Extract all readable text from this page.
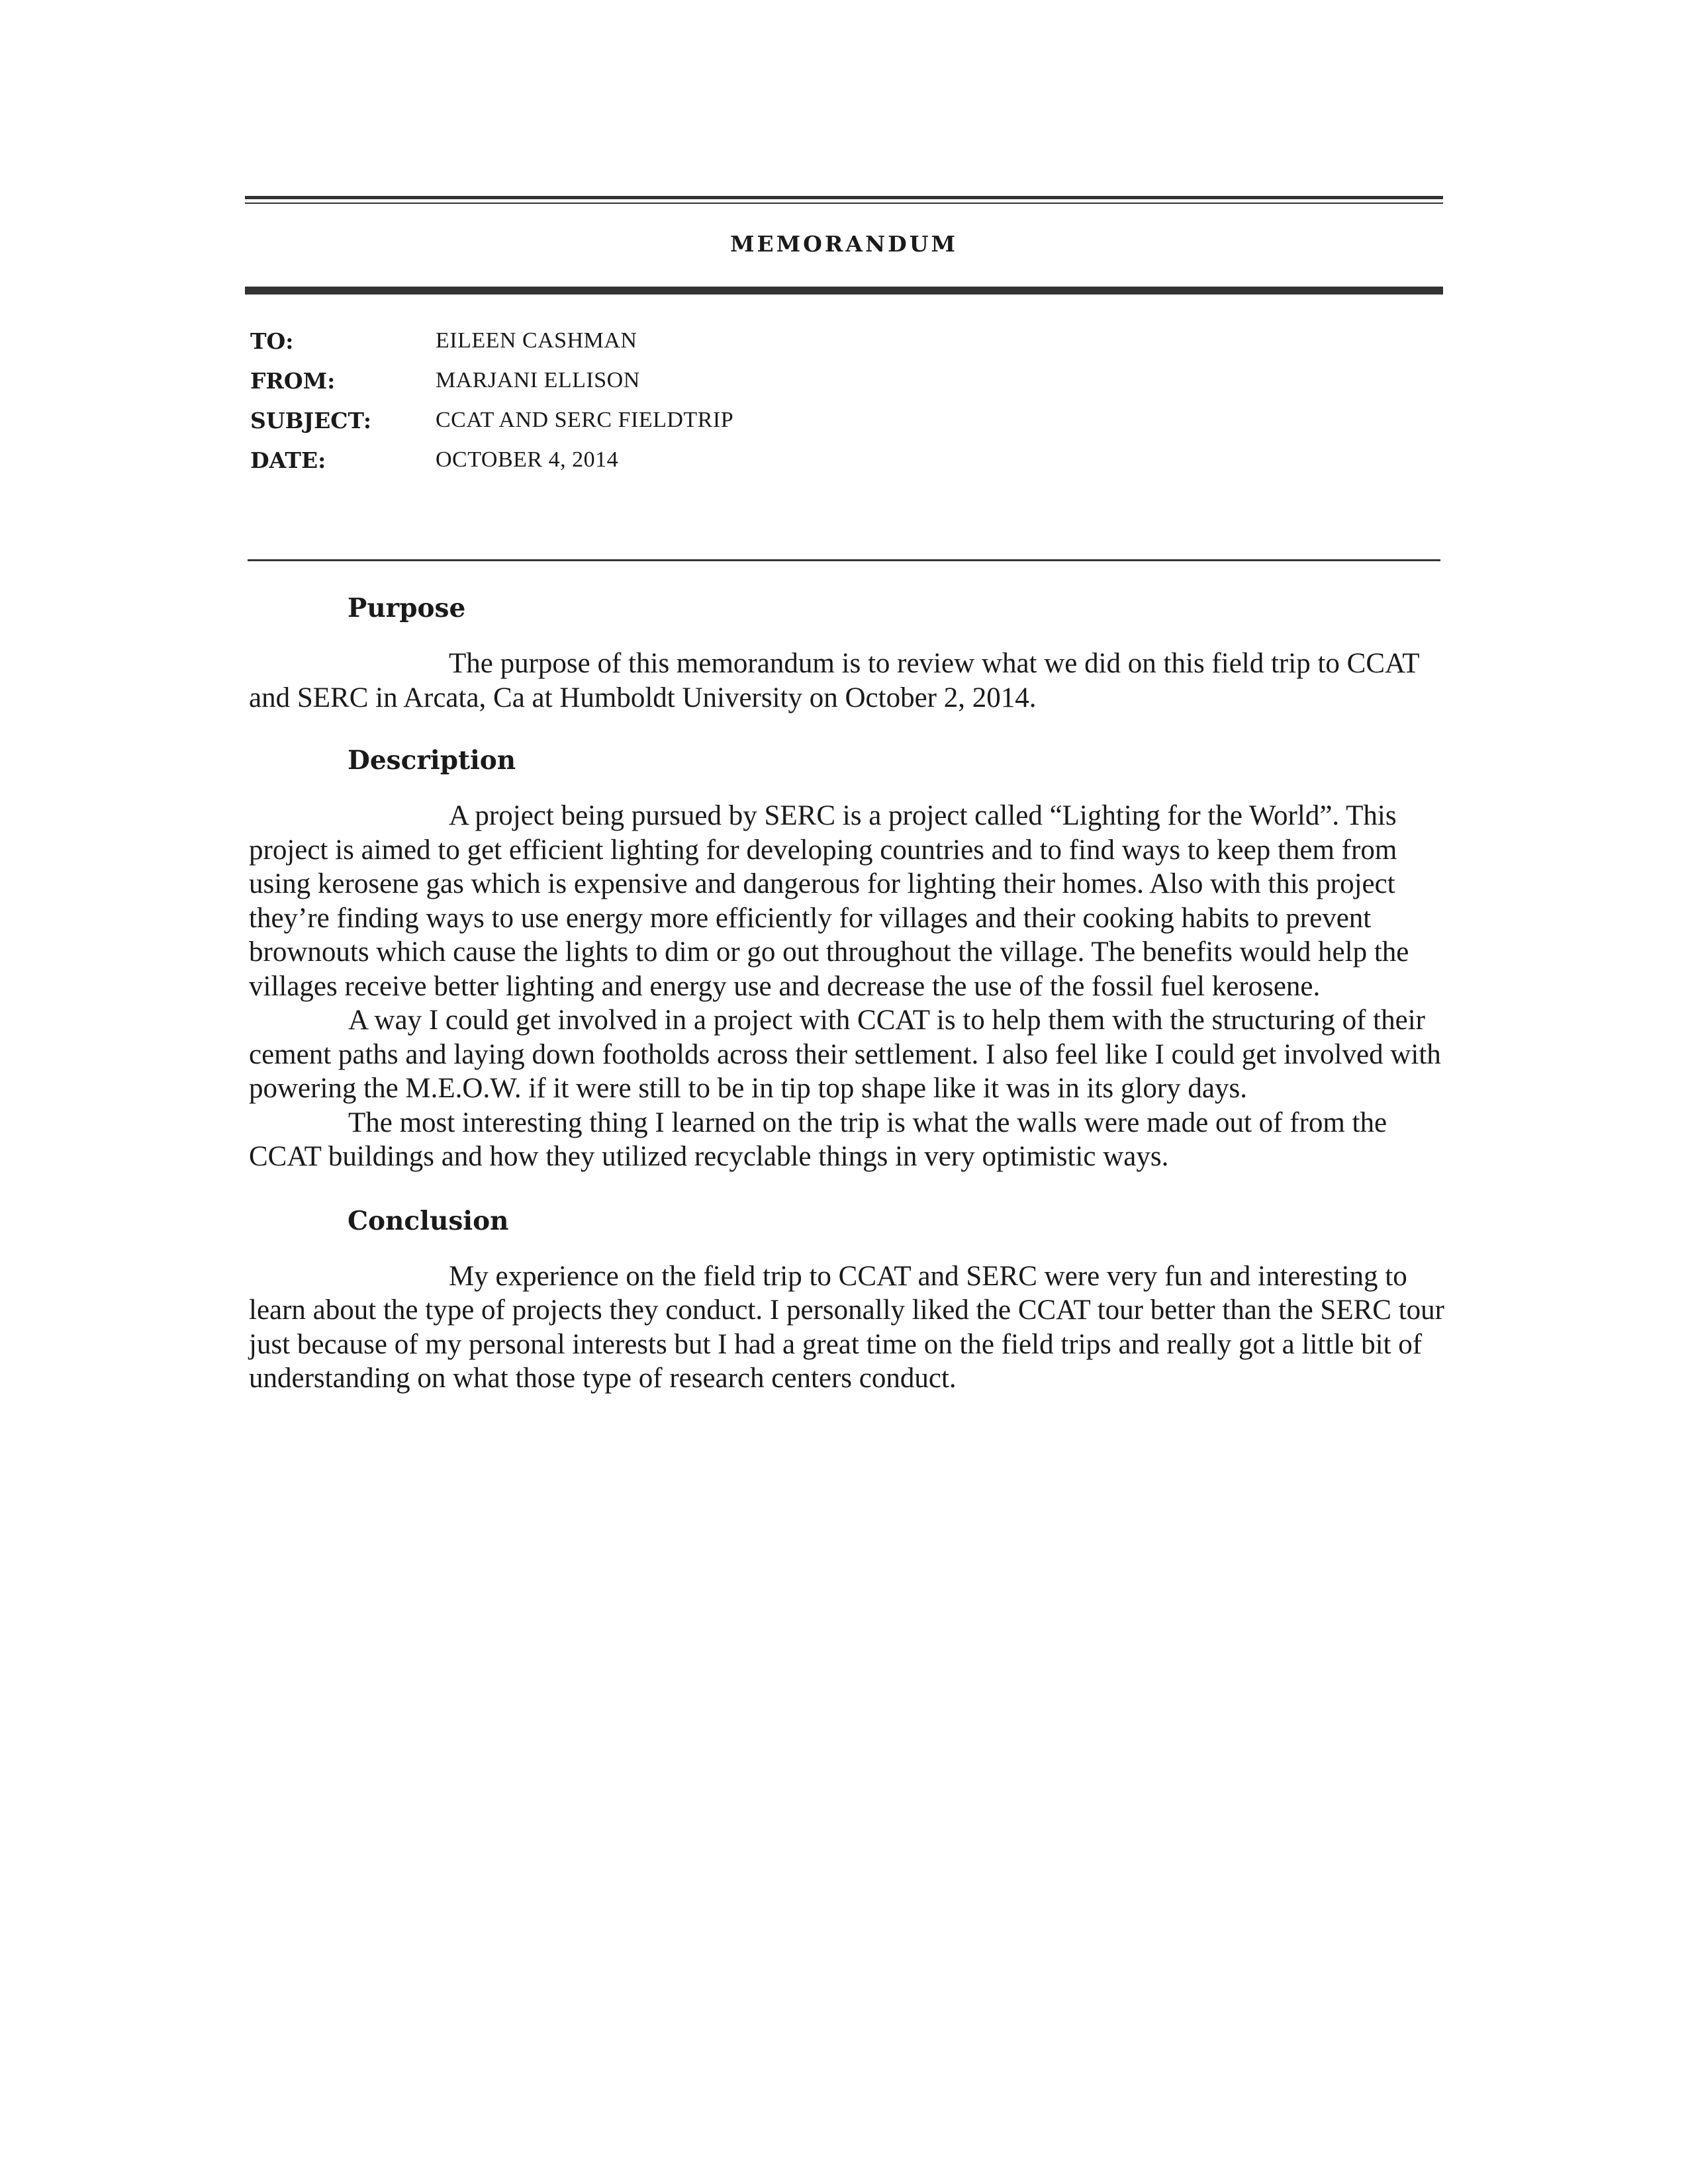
MEMORANDUM
TO:	EILEEN CASHMAN
FROM:	MARJANI ELLISON
SUBJECT:	CCAT AND SERC FIELDTRIP
DATE:	OCTOBER 4, 2014
Purpose

The purpose of this memorandum is to review what we did on this field trip to CCAT and SERC in Arcata, Ca at Humboldt University on October 2, 2014.

Description

A project being pursued by SERC is a project called “Lighting for the World”. This project is aimed to get efficient lighting for developing countries and to find ways to keep them from using kerosene gas which is expensive and dangerous for lighting their homes. Also with this project they’re finding ways to use energy more efficiently for villages and their cooking habits to prevent brownouts which cause the lights to dim or go out throughout the village. The benefits would help the villages receive better lighting and energy use and decrease the use of the fossil fuel kerosene.

A way I could get involved in a project with CCAT is to help them with the structuring of their cement paths and laying down footholds across their settlement. I also feel like I could get involved with powering the M.E.O.W. if it were still to be in tip top shape like it was in its glory days.

The most interesting thing I learned on the trip is what the walls were made out of from the CCAT buildings and how they utilized recyclable things in very optimistic ways.

Conclusion

My experience on the field trip to CCAT and SERC were very fun and interesting to learn about the type of projects they conduct. I personally liked the CCAT tour better than the SERC tour just because of my personal interests but I had a great time on the field trips and really got a little bit of understanding on what those type of research centers conduct.
